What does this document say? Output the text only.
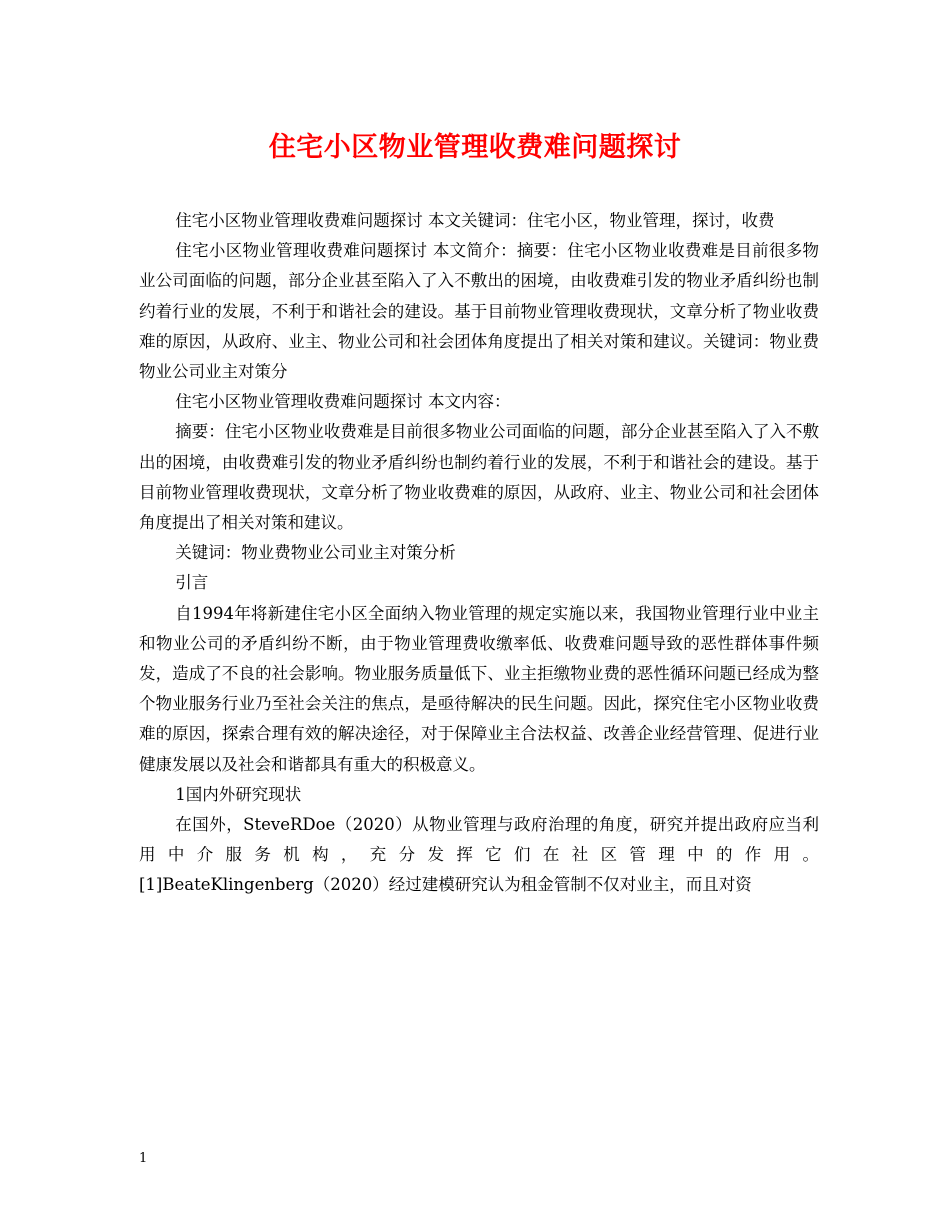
住宅小区物业管理收费难问题探讨

住宅小区物业管理收费难问题探讨 本文关键词：住宅小区，物业管理，探讨，收费

住宅小区物业管理收费难问题探讨 本文简介：摘要：住宅小区物业收费难是目前很多物业公司面临的问题，部分企业甚至陷入了入不敷出的困境，由收费难引发的物业矛盾纠纷也制约着行业的发展，不利于和谐社会的建设。基于目前物业管理收费现状，文章分析了物业收费难的原因，从政府、业主、物业公司和社会团体角度提出了相关对策和建议。关键词：物业费物业公司业主对策分

住宅小区物业管理收费难问题探讨 本文内容：

摘要：住宅小区物业收费难是目前很多物业公司面临的问题，部分企业甚至陷入了入不敷出的困境，由收费难引发的物业矛盾纠纷也制约着行业的发展，不利于和谐社会的建设。基于目前物业管理收费现状，文章分析了物业收费难的原因，从政府、业主、物业公司和社会团体角度提出了相关对策和建议。

关键词：物业费物业公司业主对策分析

引言

自1994年将新建住宅小区全面纳入物业管理的规定实施以来，我国物业管理行业中业主和物业公司的矛盾纠纷不断，由于物业管理费收缴率低、收费难问题导致的恶性群体事件频发，造成了不良的社会影响。物业服务质量低下、业主拒缴物业费的恶性循环问题已经成为整个物业服务行业乃至社会关注的焦点，是亟待解决的民生问题。因此，探究住宅小区物业收费难的原因，探索合理有效的解决途径，对于保障业主合法权益、改善企业经营管理、促进行业健康发展以及社会和谐都具有重大的积极意义。

1国内外研究现状

在国外，SteveRDoe（2020）从物业管理与政府治理的角度，研究并提出政府应当利用中介服务机构，充分发挥它们在社区管理中的作用。

[1]BeateKlingenberg（2020）经过建模研究认为租金管制不仅对业主，而且对资

1
